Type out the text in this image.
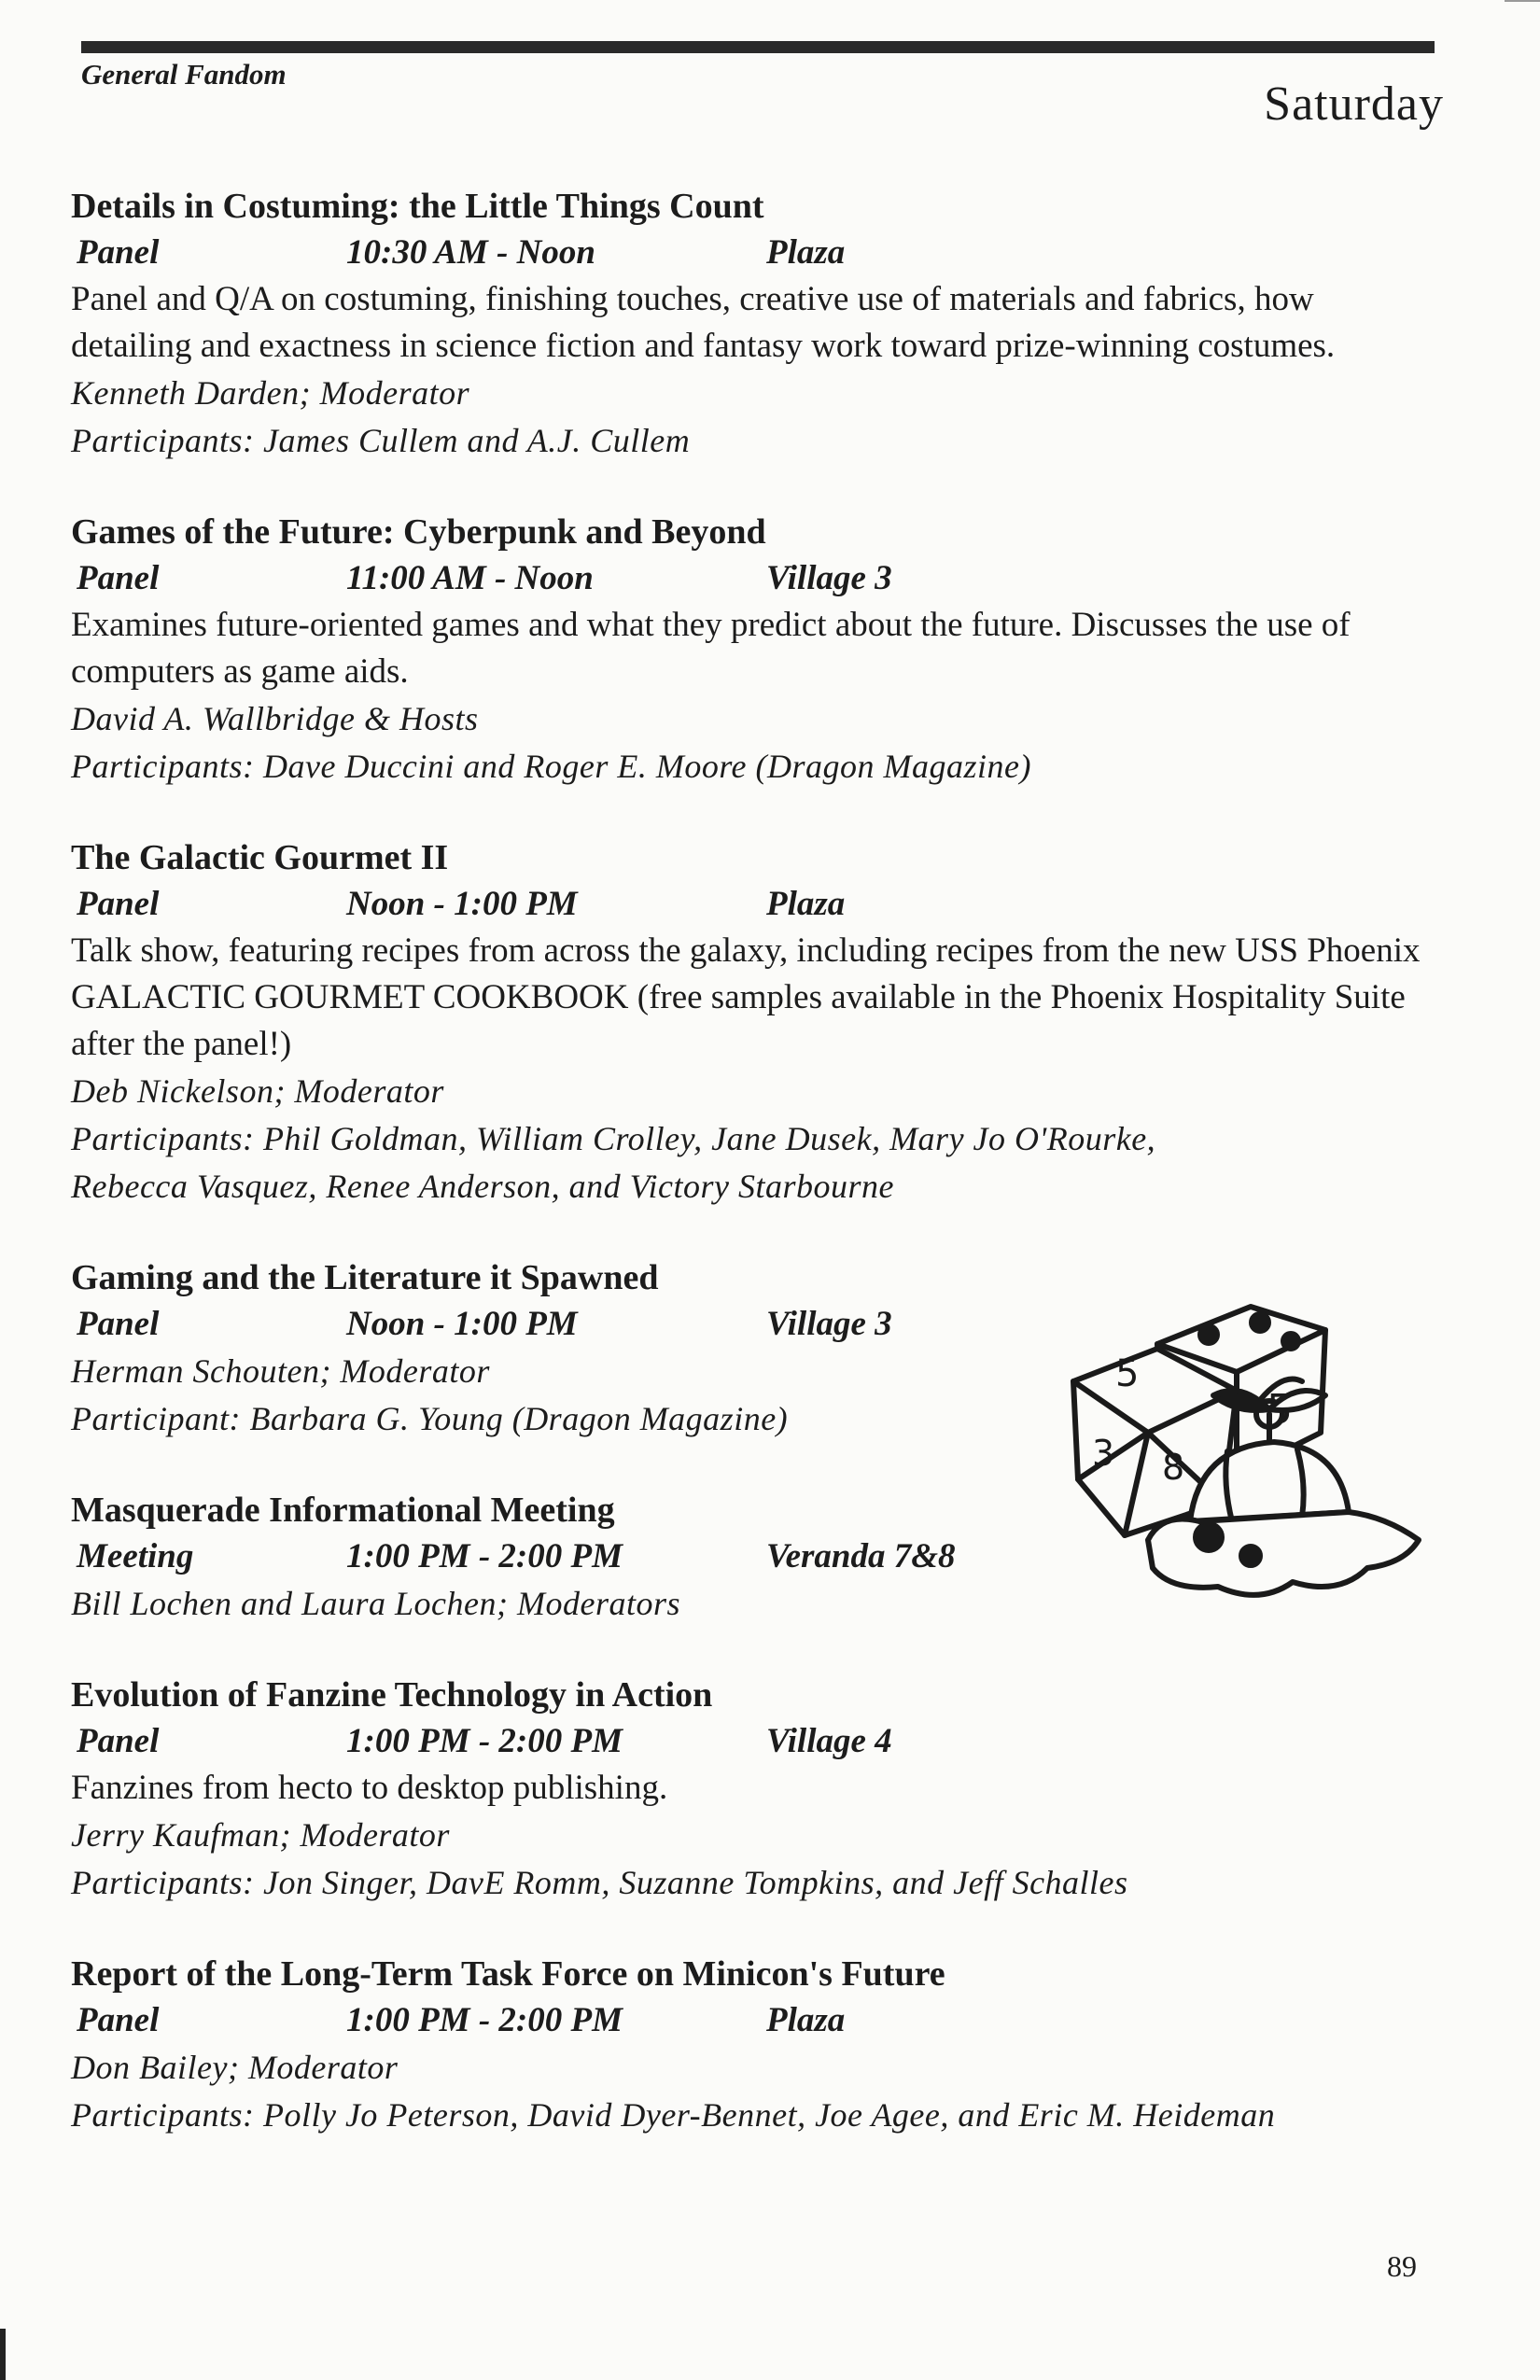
General Fandom
Saturday
Details in Costuming: the Little Things Count
Panel	10:30 AM - Noon	Plaza
Panel and Q/A on costuming, finishing touches, creative use of materials and fabrics, how detailing and exactness in science fiction and fantasy work toward prize-winning costumes.
Kenneth Darden; Moderator
Participants: James Cullem and A.J. Cullem
Games of the Future: Cyberpunk and Beyond
Panel	11:00 AM - Noon	Village 3
Examines future-oriented games and what they predict about the future. Discusses the use of computers as game aids.
David A. Wallbridge & Hosts
Participants: Dave Duccini and Roger E. Moore (Dragon Magazine)
The Galactic Gourmet II
Panel	Noon - 1:00 PM	Plaza
Talk show, featuring recipes from across the galaxy, including recipes from the new USS Phoenix GALACTIC GOURMET COOKBOOK (free samples available in the Phoenix Hospitality Suite after the panel!)
Deb Nickelson; Moderator
Participants: Phil Goldman, William Crolley, Jane Dusek, Mary Jo O'Rourke,
Rebecca Vasquez, Renee Anderson, and Victory Starbourne
Gaming and the Literature it Spawned
Panel	Noon - 1:00 PM	Village 3
Herman Schouten; Moderator
Participant: Barbara G. Young (Dragon Magazine)
Masquerade Informational Meeting
Meeting	1:00 PM - 2:00 PM	Veranda 7&8
Bill Lochen and Laura Lochen; Moderators
Evolution of Fanzine Technology in Action
Panel	1:00 PM - 2:00 PM	Village 4
Fanzines from hecto to desktop publishing.
Jerry Kaufman; Moderator
Participants: Jon Singer, DavE Romm, Suzanne Tompkins, and Jeff Schalles
Report of the Long-Term Task Force on Minicon's Future
Panel	1:00 PM - 2:00 PM	Plaza
Don Bailey; Moderator
Participants: Polly Jo Peterson, David Dyer-Bennet, Joe Agee, and Eric M. Heideman
5
3 8
89
